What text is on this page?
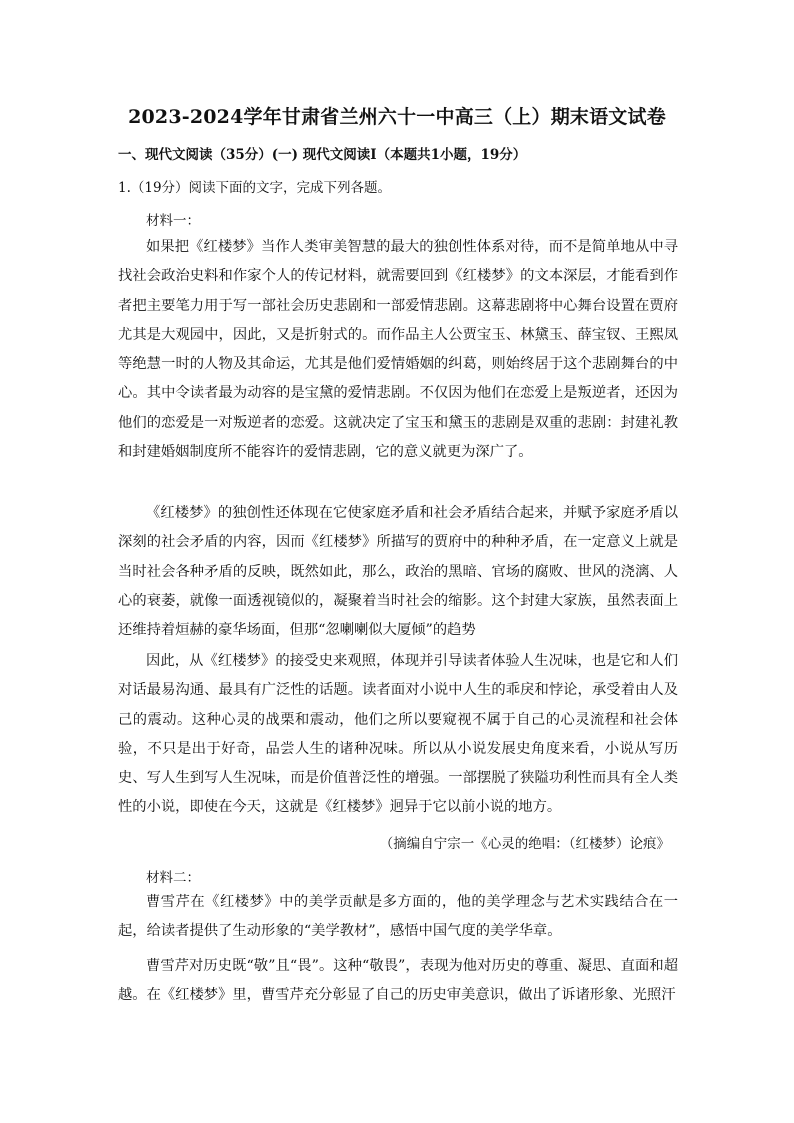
2023-2024学年甘肃省兰州六十一中高三（上）期末语文试卷
一、现代文阅读（35分）(一) 现代文阅读Ⅰ（本题共1小题，19分）
1.（19分）阅读下面的文字，完成下列各题。
材料一：

如果把《红楼梦》当作人类审美智慧的最大的独创性体系对待，而不是简单地从中寻找社会政治史料和作家个人的传记材料，就需要回到《红楼梦》的文本深层，才能看到作者把主要笔力用于写一部社会历史悲剧和一部爱情悲剧。这幕悲剧将中心舞台设置在贾府尤其是大观园中，因此，又是折射式的。而作品主人公贾宝玉、林黛玉、薛宝钗、王熙凤等绝慧一时的人物及其命运，尤其是他们爱情婚姻的纠葛，则始终居于这个悲剧舞台的中心。其中令读者最为动容的是宝黛的爱情悲剧。不仅因为他们在恋爱上是叛逆者，还因为他们的恋爱是一对叛逆者的恋爱。这就决定了宝玉和黛玉的悲剧是双重的悲剧：封建礼教和封建婚姻制度所不能容许的爱情悲剧，它的意义就更为深广了。

《红楼梦》的独创性还体现在它使家庭矛盾和社会矛盾结合起来，并赋予家庭矛盾以深刻的社会矛盾的内容，因而《红楼梦》所描写的贾府中的种种矛盾，在一定意义上就是当时社会各种矛盾的反映，既然如此，那么，政治的黑暗、官场的腐败、世风的浇漓、人心的衰萎，就像一面透视镜似的，凝聚着当时社会的缩影。这个封建大家族，虽然表面上还维持着烜赫的豪华场面，但那“忽喇喇似大厦倾”的趋势

因此，从《红楼梦》的接受史来观照，体现并引导读者体验人生况味，也是它和人们对话最易沟通、最具有广泛性的话题。读者面对小说中人生的乖戾和悖论，承受着由人及己的震动。这种心灵的战栗和震动，他们之所以要窥视不属于自己的心灵流程和社会体验，不只是出于好奇，品尝人生的诸种况味。所以从小说发展史角度来看，小说从写历史、写人生到写人生况味，而是价值普泛性的增强。一部摆脱了狭隘功利性而具有全人类性的小说，即使在今天，这就是《红楼梦》迥异于它以前小说的地方。

（摘编自宁宗一《心灵的绝唱：（红楼梦）论痕》
材料二：

曹雪芹在《红楼梦》中的美学贡献是多方面的，他的美学理念与艺术实践结合在一起，给读者提供了生动形象的“美学教材”，感悟中国气度的美学华章。

曹雪芹对历史既“敬”且“畏”。这种“敬畏”，表现为他对历史的尊重、凝思、直面和超越。在《红楼梦》里，曹雪芹充分彰显了自己的历史审美意识，做出了诉诸形象、光照汗
